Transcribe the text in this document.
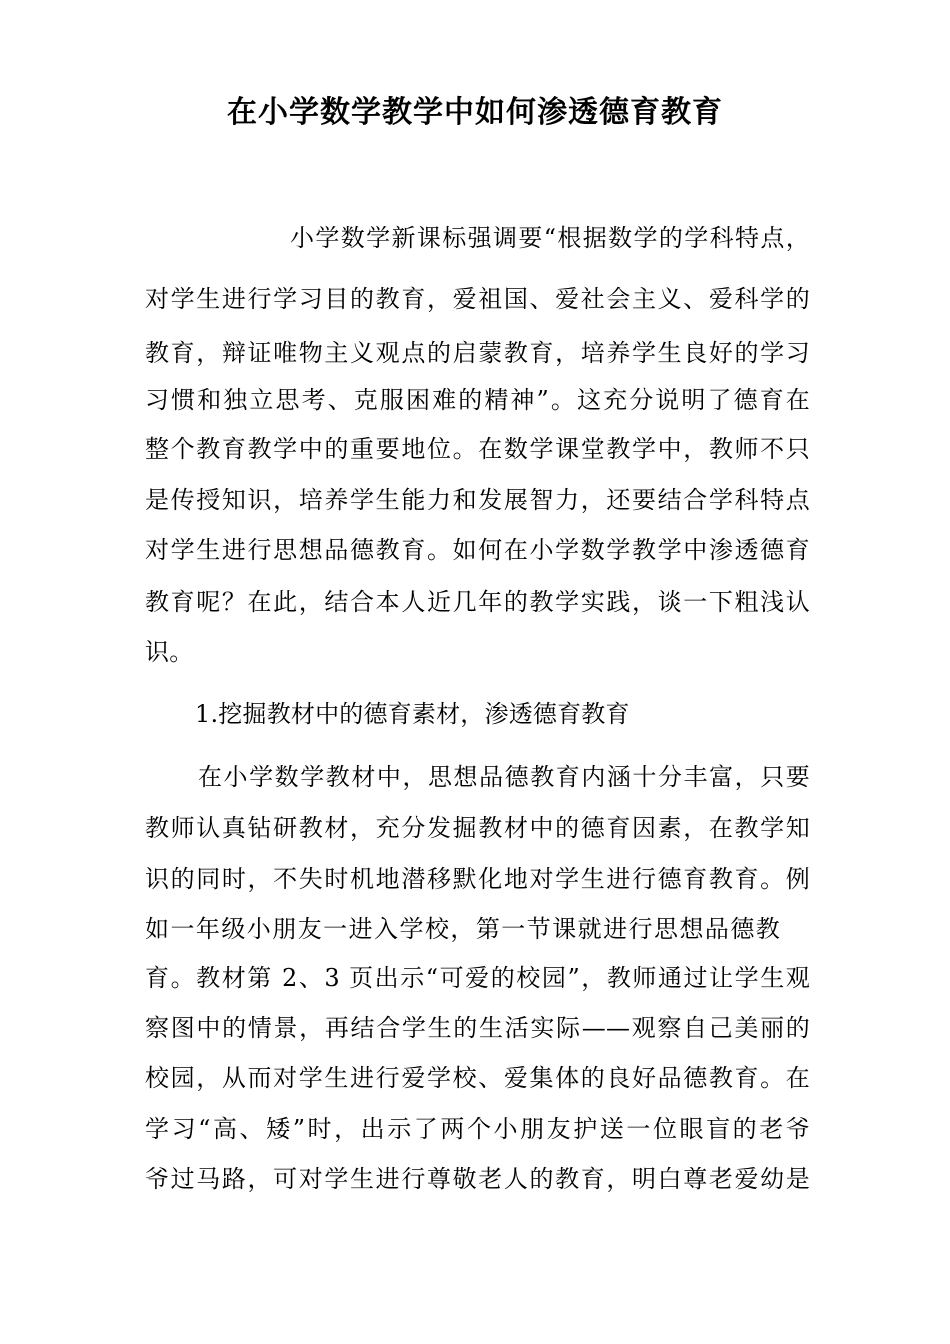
在小学数学教学中如何渗透德育教育
小学数学新课标强调要“根据数学的学科特点，
对学生进行学习目的教育，爱祖国、爱社会主义、爱科学的
教育，辩证唯物主义观点的启蒙教育，培养学生良好的学习
习惯和独立思考、克服困难的精神”。这充分说明了德育在
整个教育教学中的重要地位。在数学课堂教学中，教师不只
是传授知识，培养学生能力和发展智力，还要结合学科特点
对学生进行思想品德教育。如何在小学数学教学中渗透德育
教育呢？在此，结合本人近几年的教学实践，谈一下粗浅认
识。
1.挖掘教材中的德育素材，渗透德育教育
在小学数学教材中，思想品德教育内涵十分丰富，只要
教师认真钻研教材，充分发掘教材中的德育因素，在教学知
识的同时，不失时机地潜移默化地对学生进行德育教育。例
如一年级小朋友一进入学校，第一节课就进行思想品德教
育。教材第 2、3 页出示“可爱的校园”，教师通过让学生观
察图中的情景，再结合学生的生活实际——观察自己美丽的
校园，从而对学生进行爱学校、爱集体的良好品德教育。在
学习“高、矮”时，出示了两个小朋友护送一位眼盲的老爷
爷过马路，可对学生进行尊敬老人的教育，明白尊老爱幼是
